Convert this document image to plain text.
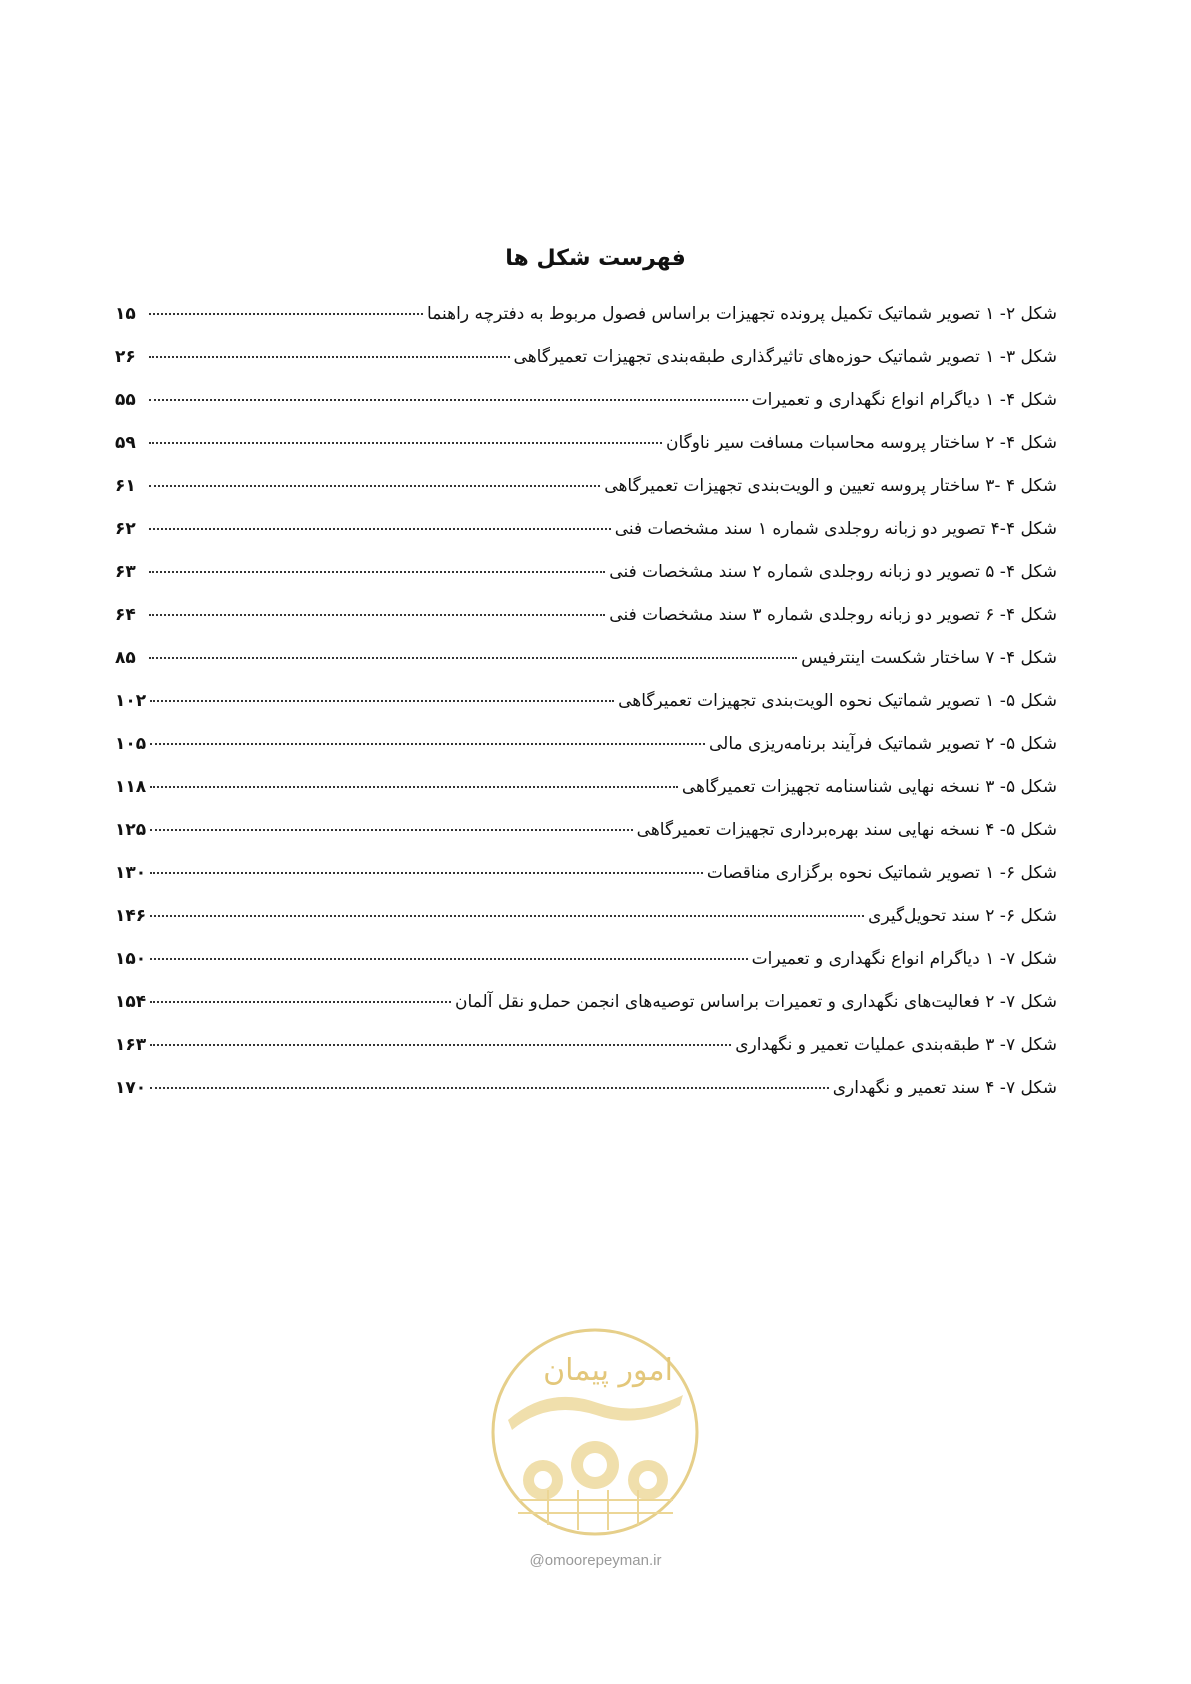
فهرست شکل ها
شکل ۲- ۱ تصویر شماتیک تکمیل پرونده تجهیزات براساس فصول مربوط به دفترچه راهنما
۱۵
شکل ۳- ۱ تصویر شماتیک حوزه‌های تاثیرگذاری طبقه‌بندی تجهیزات تعمیرگاهی
۲۶
شکل ۴- ۱ دیاگرام انواع نگهداری و تعمیرات
۵۵
شکل ۴- ۲ ساختار پروسه محاسبات مسافت سیر ناوگان
۵۹
شکل ۴ -۳ ساختار پروسه تعیین و الویت‌بندی تجهیزات تعمیرگاهی
۶۱
شکل ۴-۴ تصویر دو زبانه روجلدی شماره ۱ سند مشخصات فنی
۶۲
شکل ۴- ۵ تصویر دو زبانه روجلدی شماره ۲ سند مشخصات فنی
۶۳
شکل ۴- ۶ تصویر دو زبانه روجلدی شماره ۳ سند مشخصات فنی
۶۴
شکل ۴- ۷ ساختار شکست اینترفیس
۸۵
شکل ۵- ۱ تصویر شماتیک نحوه الویت‌بندی تجهیزات تعمیرگاهی
۱۰۲
شکل ۵- ۲ تصویر شماتیک فرآیند برنامه‌ریزی مالی
۱۰۵
شکل ۵- ۳ نسخه نهایی شناسنامه تجهیزات تعمیرگاهی
۱۱۸
شکل ۵- ۴ نسخه نهایی سند بهره‌برداری تجهیزات تعمیرگاهی
۱۲۵
شکل ۶- ۱ تصویر شماتیک نحوه برگزاری مناقصات
۱۳۰
شکل ۶- ۲ سند تحویل‌گیری
۱۴۶
شکل ۷- ۱ دیاگرام انواع نگهداری و تعمیرات
۱۵۰
شکل ۷- ۲ فعالیت‌های نگهداری و تعمیرات براساس توصیه‌های انجمن حمل‌و نقل آلمان
۱۵۴
شکل ۷- ۳ طبقه‌بندی عملیات تعمیر و نگهداری
۱۶۳
شکل ۷- ۴ سند تعمیر و نگهداری
۱۷۰
امور پیمان
@omoorepeyman.ir
